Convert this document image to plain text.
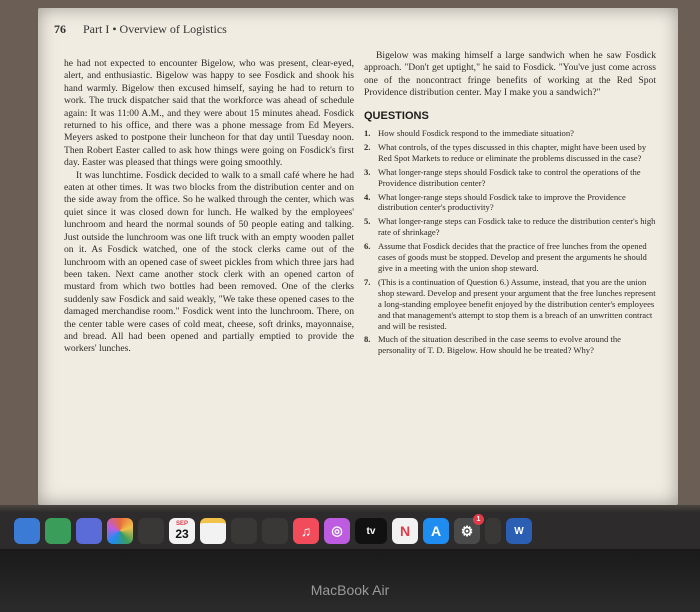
76 Part I • Overview of Logistics

he had not expected to encounter Bigelow, who was present, clear-eyed, alert, and enthusiastic. Bigelow was happy to see Fosdick and shook his hand warmly. Bigelow then excused himself, saying he had to return to work. The truck dispatcher said that the workforce was ahead of schedule again: It was 11:00 A.M., and they were about 15 minutes ahead. Fosdick returned to his office, and there was a phone message from Ed Meyers. Meyers asked to postpone their luncheon for that day until Tuesday noon. Then Robert Easter called to ask how things were going on Fosdick's first day. Easter was pleased that things were going smoothly.

It was lunchtime. Fosdick decided to walk to a small café where he had eaten at other times. It was two blocks from the distribution center and on the side away from the office. So he walked through the center, which was quiet since it was closed down for lunch. He walked by the employees' lunchroom and heard the normal sounds of 50 people eating and talking. Just outside the lunchroom was one lift truck with an empty wooden pallet on it. As Fosdick watched, one of the stock clerks came out of the lunchroom with an opened case of sweet pickles from which three jars had been taken. Next came another stock clerk with an opened carton of mustard from which two bottles had been removed. One of the clerks suddenly saw Fosdick and said weakly, "We take these opened cases to the damaged merchandise room." Fosdick went into the lunchroom. There, on the center table were cases of cold meat, cheese, soft drinks, mayonnaise, and bread. All had been opened and partially emptied to provide the workers' lunches.

Bigelow was making himself a large sandwich when he saw Fosdick approach. "Don't get uptight," he said to Fosdick. "You've just come across one of the noncontract fringe benefits of working at the Red Spot Providence distribution center. May I make you a sandwich?"

QUESTIONS
1. How should Fosdick respond to the immediate situation?
2. What controls, of the types discussed in this chapter, might have been used by Red Spot Markets to reduce or eliminate the problems discussed in the case?
3. What longer-range steps should Fosdick take to control the operations of the Providence distribution center?
4. What longer-range steps should Fosdick take to improve the Providence distribution center's productivity?
5. What longer-range steps can Fosdick take to reduce the distribution center's high rate of shrinkage?
6. Assume that Fosdick decides that the practice of free lunches from the opened cases of goods must be stopped. Develop and present the arguments he should give in a meeting with the union shop steward.
7. (This is a continuation of Question 6.) Assume, instead, that you are the union shop steward. Develop and present your argument that the free lunches represent a long-standing employee benefit enjoyed by the distribution center's employees and that management's attempt to stop them is a breach of an unwritten contract and will be resisted.
8. Much of the situation described in the case seems to evolve around the personality of T. D. Bigelow. How should he be treated? Why?
SEP
23	♫	◎	tv	N	A	⚙
1
W
MacBook Air
